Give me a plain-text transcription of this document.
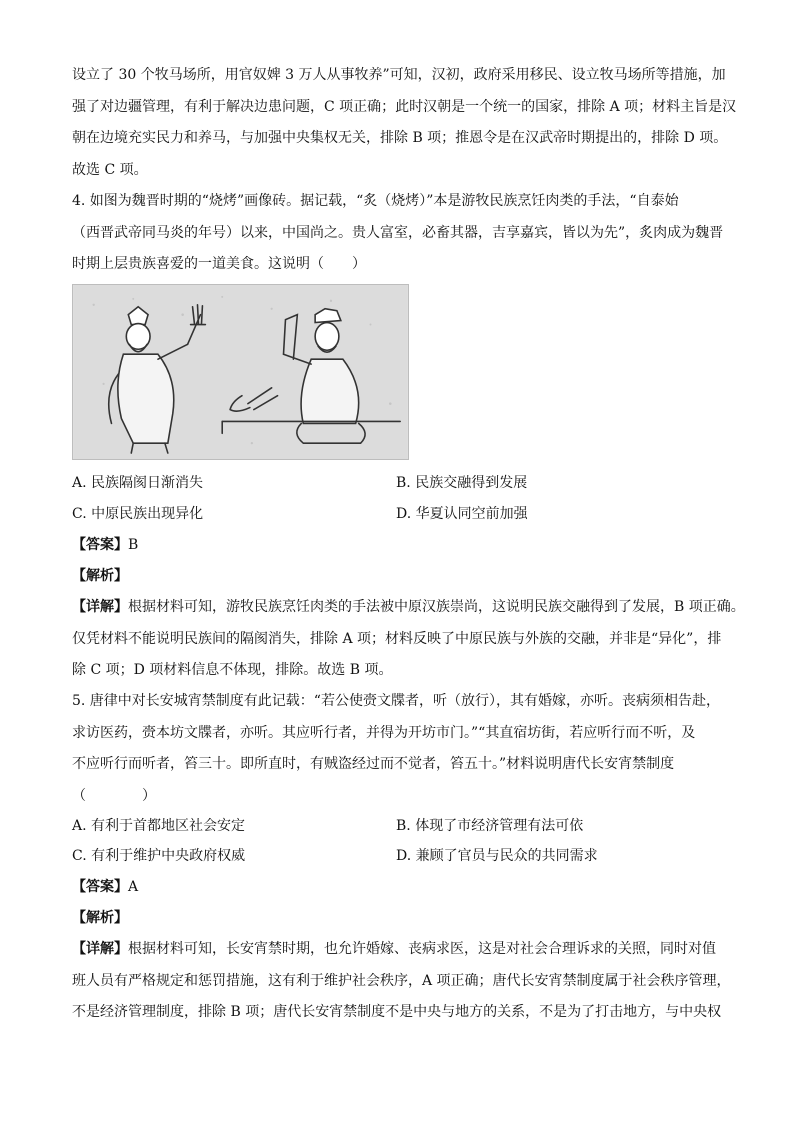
设立了 30 个牧马场所，用官奴婢 3 万人从事牧养”可知，汉初，政府采用移民、设立牧马场所等措施，加
强了对边疆管理，有利于解决边患问题，C 项正确；此时汉朝是一个统一的国家，排除 A 项；材料主旨是汉
朝在边境充实民力和养马，与加强中央集权无关，排除 B 项；推恩令是在汉武帝时期提出的，排除 D 项。
故选 C 项。
4. 如图为魏晋时期的“烧烤”画像砖。据记载，“炙（烧烤）”本是游牧民族烹饪肉类的手法，“自泰始
（西晋武帝同马炎的年号）以来，中国尚之。贵人富室，必畜其器，吉享嘉宾，皆以为先”，炙肉成为魏晋
时期上层贵族喜爱的一道美食。这说明（　　）
A. 民族隔阂日渐消失	B. 民族交融得到发展
C. 中原民族出现异化	D. 华夏认同空前加强
【答案】B
【解析】
【详解】根据材料可知，游牧民族烹饪肉类的手法被中原汉族崇尚，这说明民族交融得到了发展，B 项正确。
仅凭材料不能说明民族间的隔阂消失，排除 A 项；材料反映了中原民族与外族的交融，并非是“异化”，排
除 C 项；D 项材料信息不体现，排除。故选 B 项。
5. 唐律中对长安城宵禁制度有此记载：“若公使赍文牒者，听（放行），其有婚嫁，亦听。丧病须相告赴，
求访医药，赍本坊文牒者，亦听。其应听行者，并得为开坊市门。”“其直宿坊街，若应听行而不听，及
不应听行而听者，笞三十。即所直时，有贼盗经过而不觉者，笞五十。”材料说明唐代长安宵禁制度
（　　　　）
A. 有利于首都地区社会安定	B. 体现了市经济管理有法可依
C. 有利于维护中央政府权威	D. 兼顾了官员与民众的共同需求
【答案】A
【解析】
【详解】根据材料可知，长安宵禁时期，也允许婚嫁、丧病求医，这是对社会合理诉求的关照，同时对值
班人员有严格规定和惩罚措施，这有利于维护社会秩序，A 项正确；唐代长安宵禁制度属于社会秩序管理，
不是经济管理制度，排除 B 项；唐代长安宵禁制度不是中央与地方的关系，不是为了打击地方，与中央权
